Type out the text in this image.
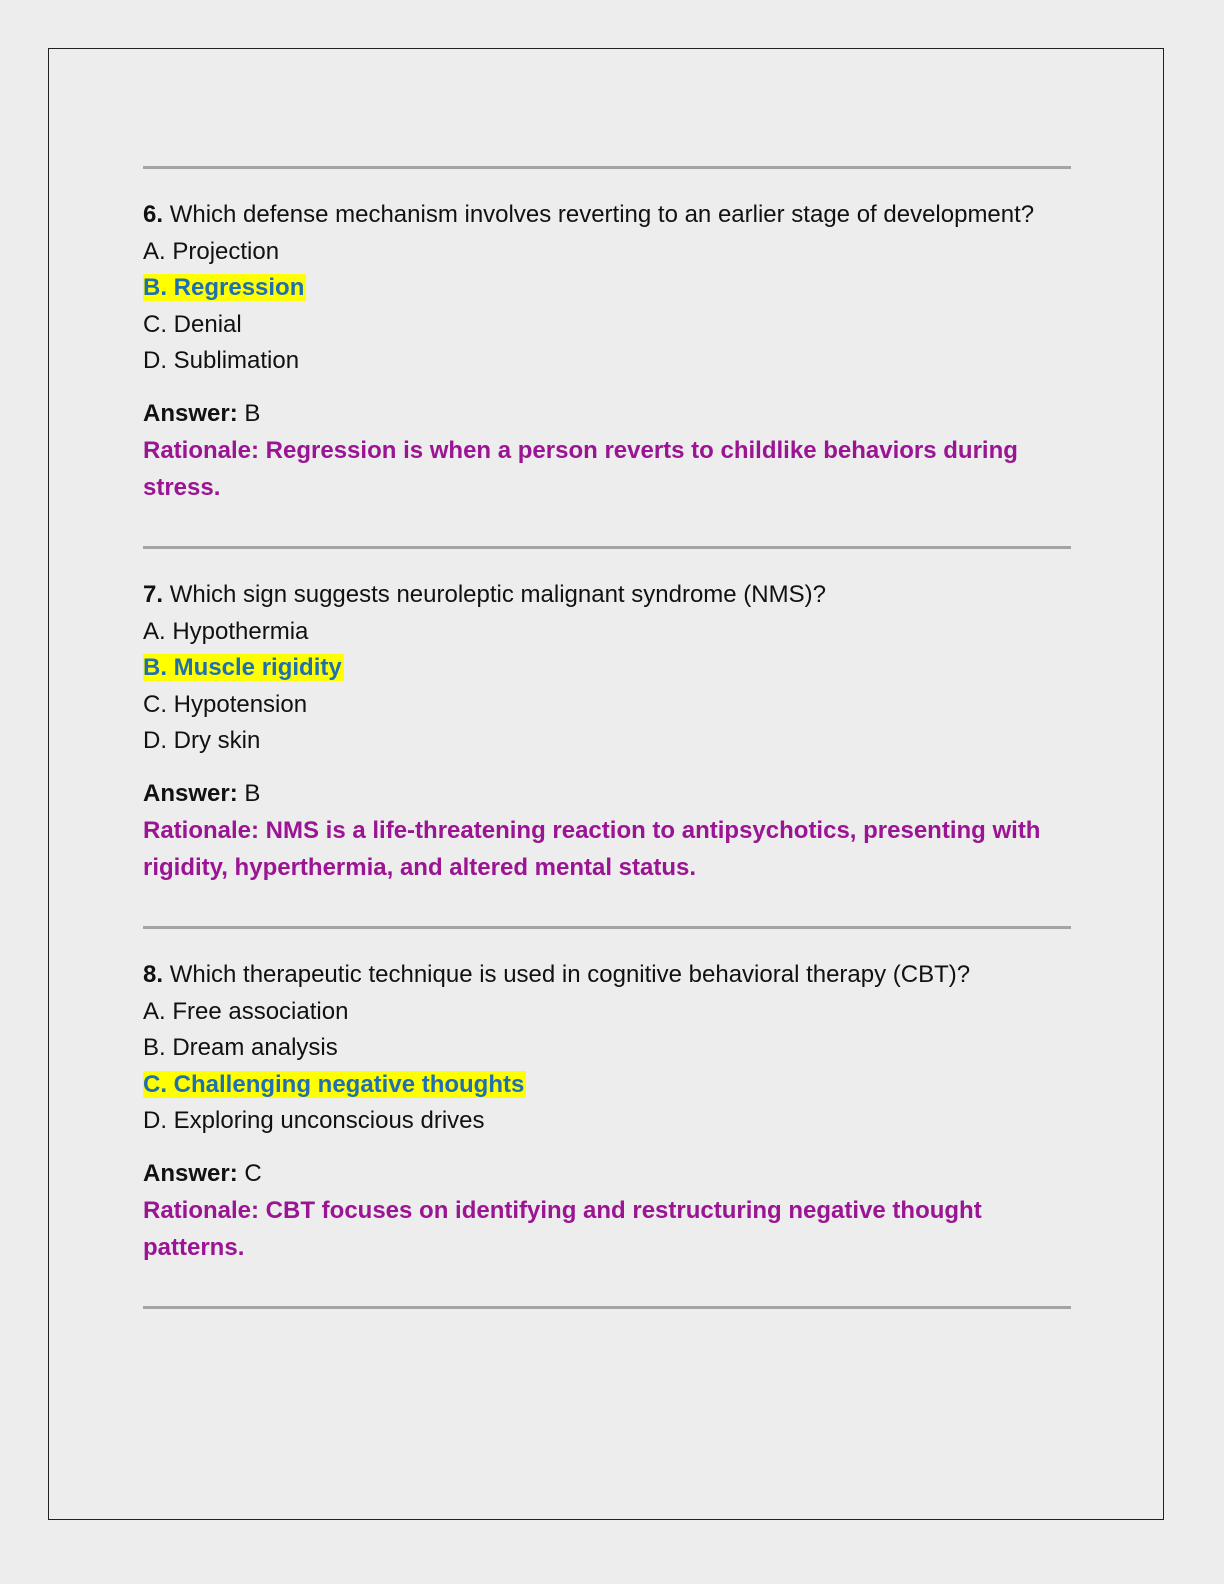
6. Which defense mechanism involves reverting to an earlier stage of development?

A. Projection

B. Regression

C. Denial

D. Sublimation

Answer: B

Rationale: Regression is when a person reverts to childlike behaviors during stress.

7. Which sign suggests neuroleptic malignant syndrome (NMS)?

A. Hypothermia

B. Muscle rigidity

C. Hypotension

D. Dry skin

Answer: B

Rationale: NMS is a life-threatening reaction to antipsychotics, presenting with rigidity, hyperthermia, and altered mental status.

8. Which therapeutic technique is used in cognitive behavioral therapy (CBT)?

A. Free association

B. Dream analysis

C. Challenging negative thoughts

D. Exploring unconscious drives

Answer: C

Rationale: CBT focuses on identifying and restructuring negative thought patterns.
